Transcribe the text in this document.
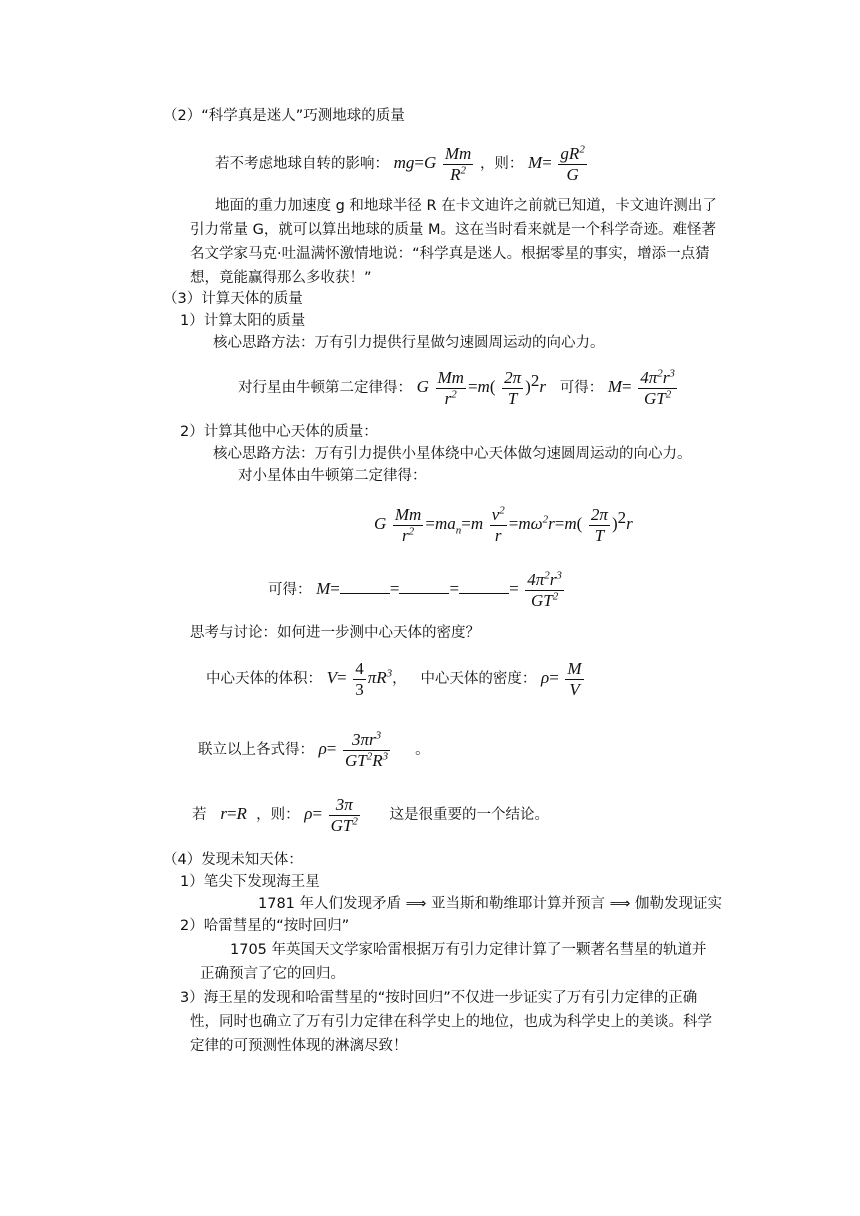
（2）“科学真是迷人”巧测地球的质量
若不考虑地球自转的影响： $mg=G \frac{Mm}{R^2}$ ，则： $M= \frac{gR^2}{G}$
地面的重力加速度 g 和地球半径 R 在卡文迪许之前就已知道，卡文迪许测出了
引力常量 G，就可以算出地球的质量 M。这在当时看来就是一个科学奇迹。难怪著
名文学家马克·吐温满怀激情地说：“科学真是迷人。根据零星的事实，增添一点猜
想，竟能赢得那么多收获！”
（3）计算天体的质量
1）计算太阳的质量
核心思路方法：万有引力提供行星做匀速圆周运动的向心力。
对行星由牛顿第二定律得： G $\frac{Mm}{r^2} =m( \frac{2\pi}{T} )^2r$ 可得： $M= \frac{4\pi^2r^3}{GT^2}$
2）计算其他中心天体的质量：
核心思路方法：万有引力提供小星体绕中心天体做匀速圆周运动的向心力。
对小星体由牛顿第二定律得：
G $\frac{Mm}{r^2} =ma_n=m \frac{v^2}{r} =m\omega^2r=m( \frac{2\pi}{T} )^2r$
可得： M=	=	=	= $\frac{4\pi^2r^3}{GT^2}$
思考与讨论：如何进一步测中心天体的密度？
中心天体的体积： $V= \frac{4}{3} \pi R^3$， 中心天体的密度： $\rho= \frac{M}{V}$
联立以上各式得： $\rho= \frac{3\pi r^3}{GT^2R^3}$ 。
若 r=R ，则： $\rho= \frac{3\pi}{GT^2}$ 这是很重要的一个结论。
（4）发现未知天体：
1）笔尖下发现海王星
1781 年人们发现矛盾 ⟹ 亚当斯和勒维耶计算并预言 ⟹ 伽勒发现证实
2）哈雷彗星的“按时回归”
1705 年英国天文学家哈雷根据万有引力定律计算了一颗著名彗星的轨道并
正确预言了它的回归。
3）海王星的发现和哈雷彗星的“按时回归”不仅进一步证实了万有引力定律的正确
性，同时也确立了万有引力定律在科学史上的地位，也成为科学史上的美谈。科学
定律的可预测性体现的淋漓尽致！
